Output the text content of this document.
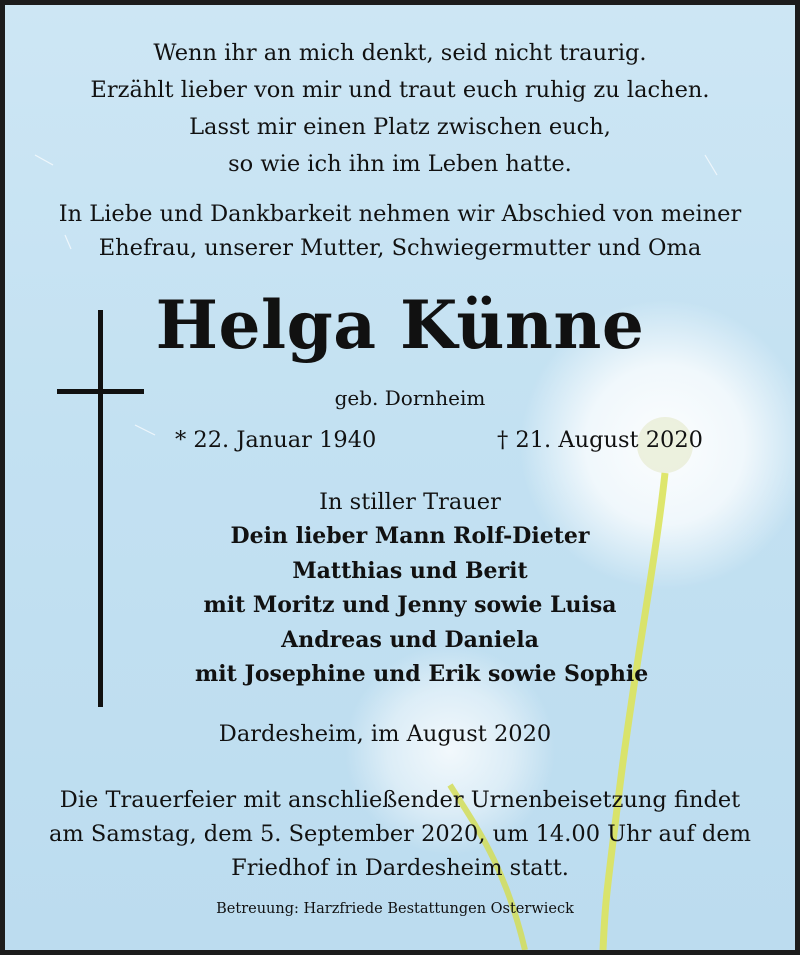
Wenn ihr an mich denkt, seid nicht traurig.
Erzählt lieber von mir und traut euch ruhig zu lachen.
Lasst mir einen Platz zwischen euch,
so wie ich ihn im Leben hatte.
In Liebe und Dankbarkeit nehmen wir Abschied von meiner
Ehefrau, unserer Mutter, Schwiegermutter und Oma
Helga Künne
geb. Dornheim
* 22. Januar 1940	† 21. August 2020
In stiller Trauer
Dein lieber Mann Rolf-Dieter
Matthias und Berit
mit Moritz und Jenny sowie Luisa
Andreas und Daniela
mit Josephine und Erik sowie Sophie
Dardesheim, im August 2020
Die Trauerfeier mit anschließender Urnenbeisetzung findet
am Samstag, dem 5. September 2020, um 14.00 Uhr auf dem
Friedhof in Dardesheim statt.
Betreuung: Harzfriede Bestattungen Osterwieck
